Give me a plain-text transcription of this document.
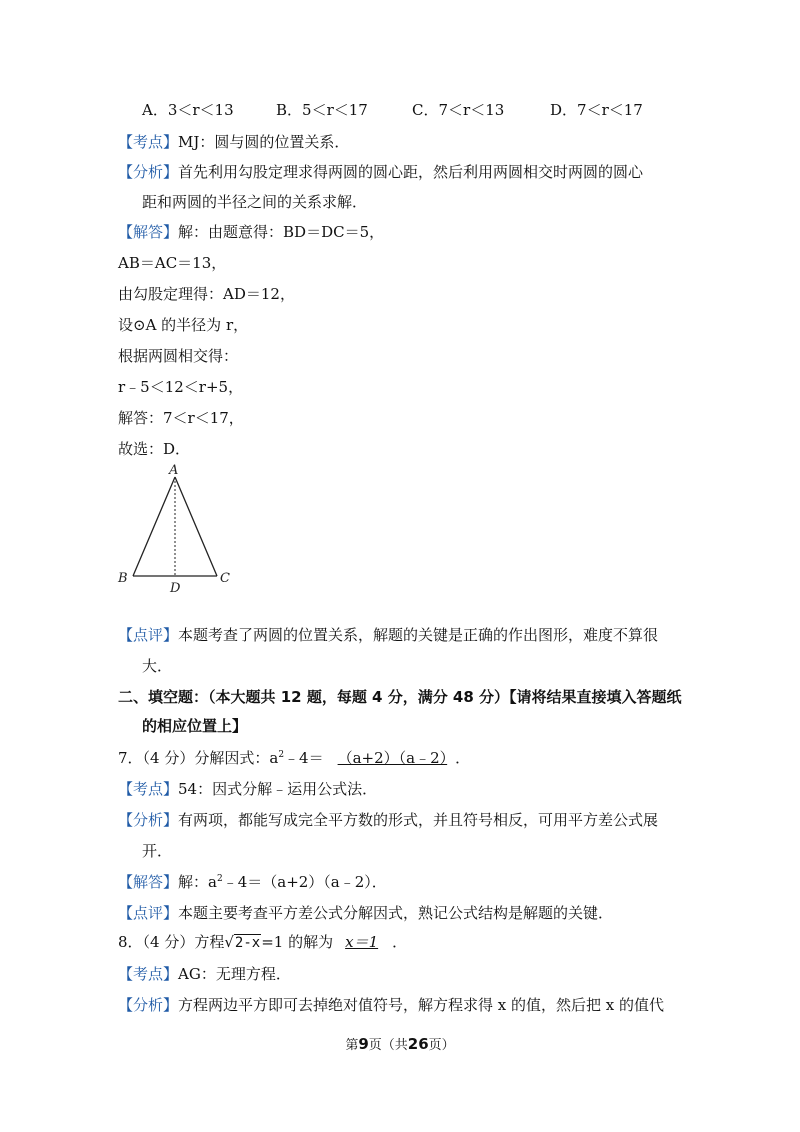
A．3＜r＜13	B．5＜r＜17	C．7＜r＜13	D．7＜r＜17
【考点】MJ：圆与圆的位置关系．
【分析】首先利用勾股定理求得两圆的圆心距，然后利用两圆相交时两圆的圆心
距和两圆的半径之间的关系求解．
【解答】解：由题意得：BD＝DC＝5，
AB＝AC＝13，
由勾股定理得：AD＝12，
设⊙A 的半径为 r，
根据两圆相交得：
r﹣5＜12＜r+5，
解答：7＜r＜17，
故选：D．
A
B	C
D
【点评】本题考查了两圆的位置关系，解题的关键是正确的作出图形，难度不算很
大．
二、填空题：（本大题共 12 题，每题 4 分，满分 48 分）【请将结果直接填入答题纸
的相应位置上】
7．（4 分）分解因式：$a^2﹣4=$ （a+2）（a﹣2） ．
【考点】54：因式分解﹣运用公式法．
【分析】有两项，都能写成完全平方数的形式，并且符号相反，可用平方差公式展
开．
【解答】解：$a^2﹣4=(a+2)(a﹣2)$．
【点评】本题主要考查平方差公式分解因式，熟记公式结构是解题的关键．
8．（4 分）方程√2-x=1 的解为 x＝1 ．
【考点】AG：无理方程．
【分析】方程两边平方即可去掉绝对值符号，解方程求得 x 的值，然后把 x 的值代
第9页（共26页）
